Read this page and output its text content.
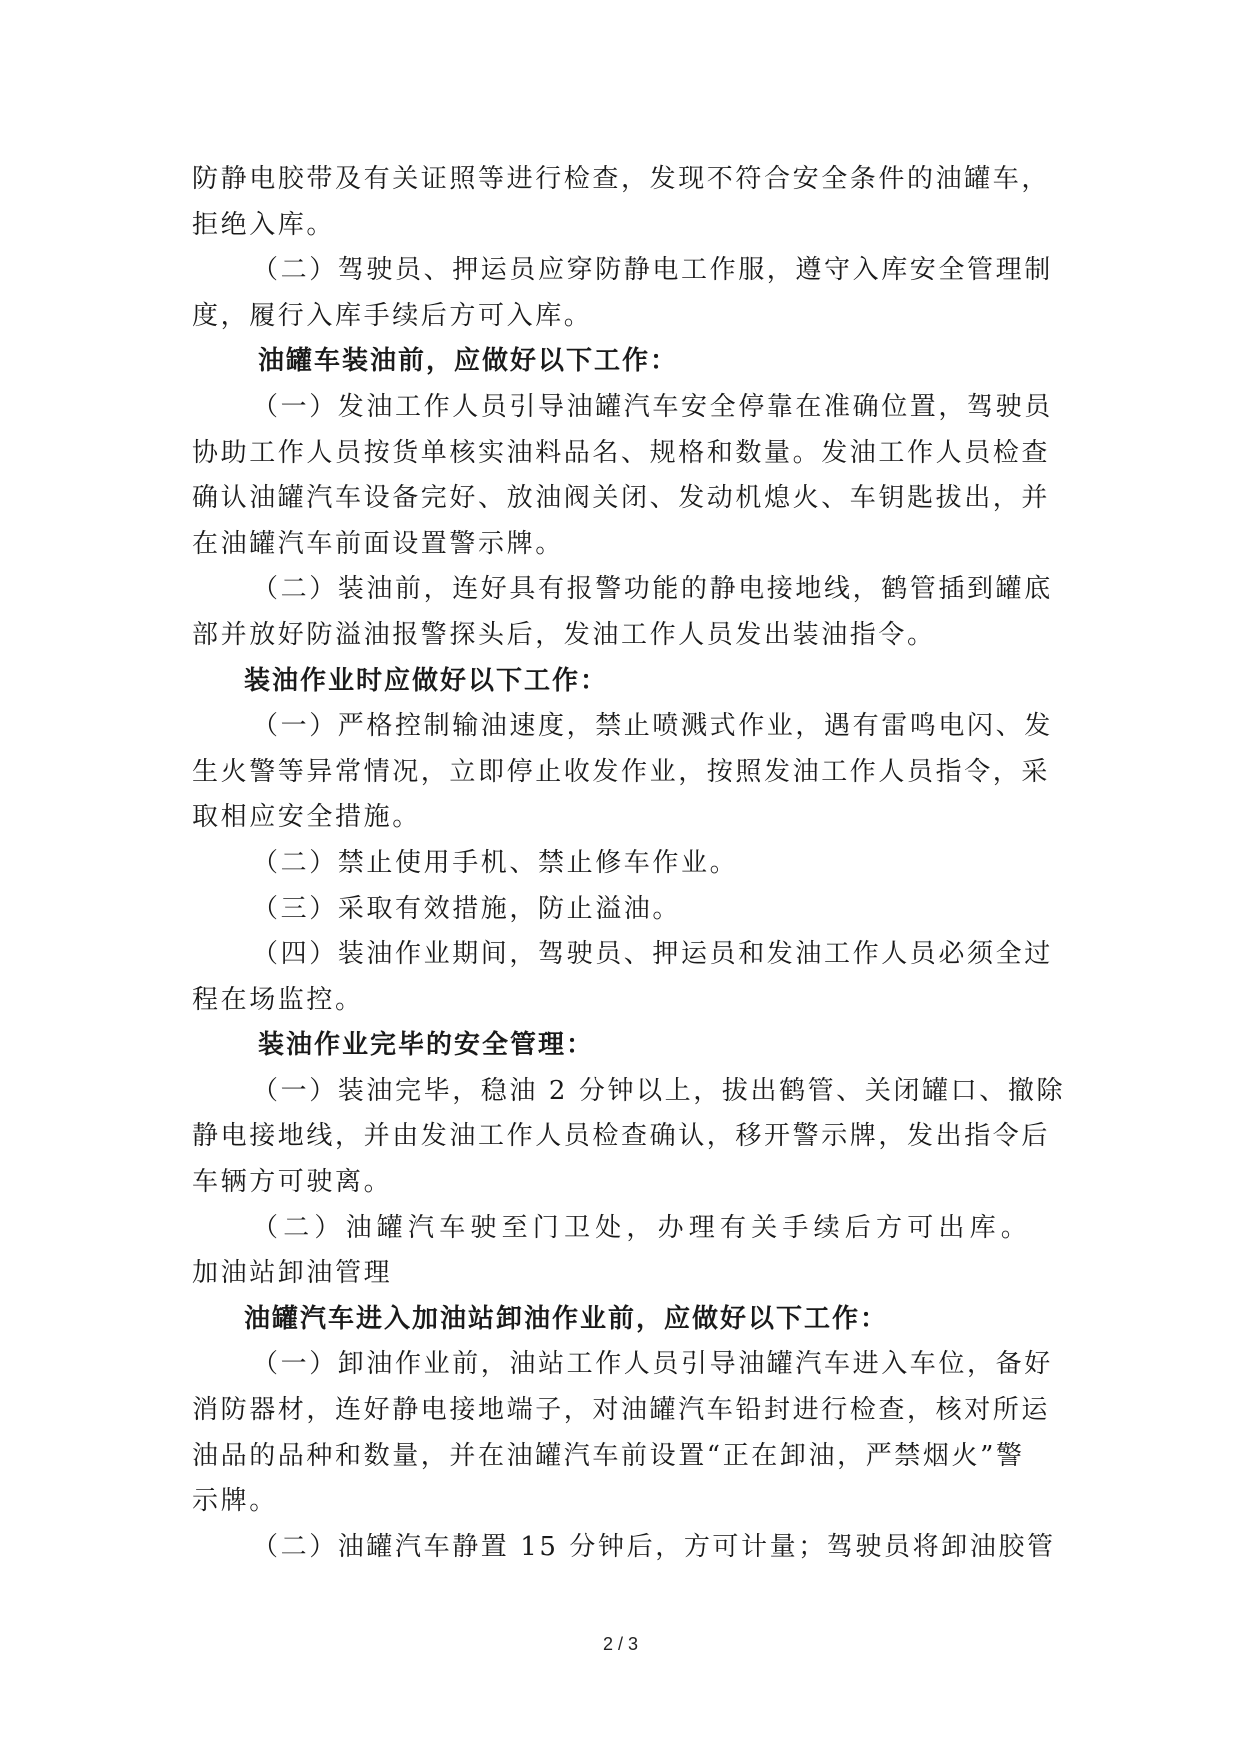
防静电胶带及有关证照等进行检查，发现不符合安全条件的油罐车，
拒绝入库。
（二）驾驶员、押运员应穿防静电工作服，遵守入库安全管理制
度，履行入库手续后方可入库。
油罐车装油前，应做好以下工作：
（一）发油工作人员引导油罐汽车安全停靠在准确位置，驾驶员
协助工作人员按货单核实油料品名、规格和数量。发油工作人员检查
确认油罐汽车设备完好、放油阀关闭、发动机熄火、车钥匙拔出，并
在油罐汽车前面设置警示牌。
（二）装油前，连好具有报警功能的静电接地线，鹤管插到罐底
部并放好防溢油报警探头后，发油工作人员发出装油指令。
装油作业时应做好以下工作：
（一）严格控制输油速度，禁止喷溅式作业，遇有雷鸣电闪、发
生火警等异常情况，立即停止收发作业，按照发油工作人员指令，采
取相应安全措施。
（二）禁止使用手机、禁止修车作业。
（三）采取有效措施，防止溢油。
（四）装油作业期间，驾驶员、押运员和发油工作人员必须全过
程在场监控。
装油作业完毕的安全管理：
（一）装油完毕，稳油 2 分钟以上，拔出鹤管、关闭罐口、撤除
静电接地线，并由发油工作人员检查确认，移开警示牌，发出指令后
车辆方可驶离。
（二）油罐汽车驶至门卫处，办理有关手续后方可出库。
加油站卸油管理
油罐汽车进入加油站卸油作业前，应做好以下工作：
（一）卸油作业前，油站工作人员引导油罐汽车进入车位，备好
消防器材，连好静电接地端子，对油罐汽车铅封进行检查，核对所运
油品的品种和数量，并在油罐汽车前设置“正在卸油，严禁烟火”警
示牌。
（二）油罐汽车静置 15 分钟后，方可计量；驾驶员将卸油胶管
2 / 3
